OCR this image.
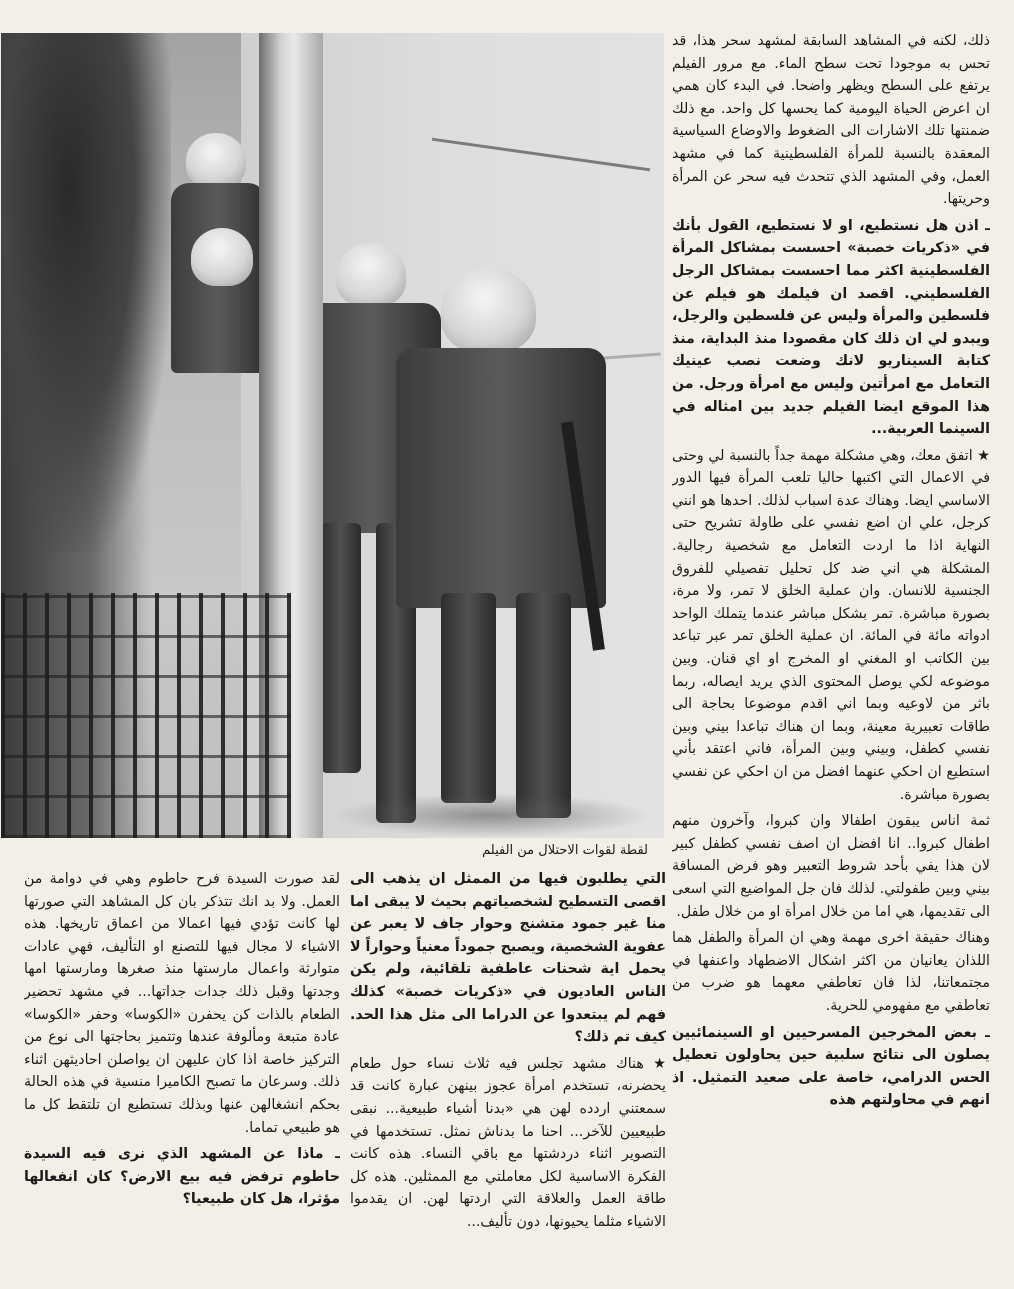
لقطة لقوات الاحتلال من الفيلم

ذلك، لكنه في المشاهد السابقة لمشهد سحر هذا، قد تحس به موجودا تحت سطح الماء. مع مرور الفيلم يرتفع على السطح ويظهر واضحا. في البدء كان همي ان اعرض الحياة اليومية كما يحسها كل واحد. مع ذلك ضمنتها تلك الاشارات الى الضغوط والاوضاع السياسية المعقدة بالنسبة للمرأة الفلسطينية كما في مشهد العمل، وفي المشهد الذي تتحدث فيه سحر عن المرأة وحريتها.

ـ اذن هل نستطيع، او لا نستطيع، القول بأنك في «ذكريات خصبة» احسست بمشاكل المرأة الفلسطينية اكثر مما احسست بمشاكل الرجل الفلسطيني. اقصد ان فيلمك هو فيلم عن فلسطين والمرأة وليس عن فلسطين والرجل، ويبدو لي ان ذلك كان مقصودا منذ البداية، منذ كتابة السيناريو لانك وضعت نصب عينيك التعامل مع امرأتين وليس مع امرأة ورجل. من هذا الموقع ايضا الفيلم جديد بين امثاله في السينما العربية...

★ اتفق معك، وهي مشكلة مهمة جداً بالنسبة لي وحتى في الاعمال التي اكتبها حاليا تلعب المرأة فيها الدور الاساسي ايضا. وهناك عدة اسباب لذلك. احدها هو انني كرجل، علي ان اضع نفسي على طاولة تشريح حتى النهاية اذا ما اردت التعامل مع شخصية رجالية. المشكلة هي اني ضد كل تحليل تفصيلي للفروق الجنسية للانسان. وان عملية الخلق لا تمر، ولا مرة، بصورة مباشرة. تمر بشكل مباشر عندما يتملك الواحد ادواته مائة في المائة. ان عملية الخلق تمر عبر تباعد بين الكاتب او المغني او المخرج او اي فنان. وبين موضوعه لكي يوصل المحتوى الذي يريد ايصاله، ربما باثر من لاوعيه وبما اني اقدم موضوعا بحاجة الى طاقات تعبيرية معينة، وبما ان هناك تباعدا بيني وبين نفسي كطفل، وبيني وبين المرأة، فاني اعتقد بأني استطيع ان احكي عنهما افضل من ان احكي عن نفسي بصورة مباشرة.

ثمة اناس يبقون اطفالا وان كبروا، وآخرون منهم اطفال كبروا.. انا افضل ان اصف نفسي كطفل كبير لان هذا يفي بأحد شروط التعبير وهو فرض المسافة بيني وبين طفولتي. لذلك فان جل المواضيع التي اسعى الى تقديمها، هي اما من خلال امرأة او من خلال طفل.

وهناك حقيقة اخرى مهمة وهي ان المرأة والطفل هما اللذان يعانيان من اكثر اشكال الاضطهاد واعنفها في مجتمعاتنا، لذا فان تعاطفي معهما هو ضرب من تعاطفي مع مفهومي للحرية.

ـ بعض المخرجين المسرحيين او السينمائيين يصلون الى نتائج سلبية حين يحاولون تعطيل الحس الدرامي، خاصة على صعيد التمثيل. اذ انهم في محاولتهم هذه

التي يطلبون فيها من الممثل ان يذهب الى اقصى التسطيح لشخصياتهم بحيث لا يبقى اما منا غير جمود متشنج وحوار جاف لا يعبر عن عفوية الشخصية، ويصبح جموداً معنياً وحواراً لا يحمل اية شحنات عاطفية تلقائية، ولم يكن الناس العاديون في «ذكريات خصبة» كذلك فهم لم يبتعدوا عن الدراما الى مثل هذا الحد. كيف تم ذلك؟

★ هناك مشهد تجلس فيه ثلاث نساء حول طعام يحضرنه، تستخدم امرأة عجوز بينهن عبارة كانت قد سمعتني اردده لهن هي «بدنا أشياء طبيعية... نبقى طبيعيين للآخر... احنا ما بدناش نمثل. تستخدمها في التصوير اثناء دردشتها مع باقي النساء. هذه كانت الفكرة الاساسية لكل معاملتي مع الممثلين. هذه كل طاقة العمل والعلاقة التي اردتها لهن. ان يقدموا الاشياء مثلما يحيونها، دون تأليف...

لقد صورت السيدة فرح حاطوم وهي في دوامة من العمل. ولا بد انك تتذكر بان كل المشاهد التي صورتها لها كانت تؤدي فيها اعمالا من اعماق تاريخها. هذه الاشياء لا مجال فيها للتصنع او التأليف، فهي عادات متوارثة واعمال مارستها منذ صغرها ومارستها امها وجدتها وقبل ذلك جدات جداتها... في مشهد تحضير الطعام بالذات كن يحفرن «الكوسا» وحفر «الكوسا» عادة متبعة ومألوفة عندها وتتميز بحاجتها الى نوع من التركيز خاصة اذا كان عليهن ان يواصلن احاديثهن اثناء ذلك. وسرعان ما تصبح الكاميرا منسية في هذه الحالة بحكم انشغالهن عنها وبذلك تستطيع ان تلتقط كل ما هو طبيعي تماما.

ـ ماذا عن المشهد الذي نرى فيه السيدة حاطوم ترفض فيه بيع الارض؟ كان انفعالها مؤثرا، هل كان طبيعيا؟
